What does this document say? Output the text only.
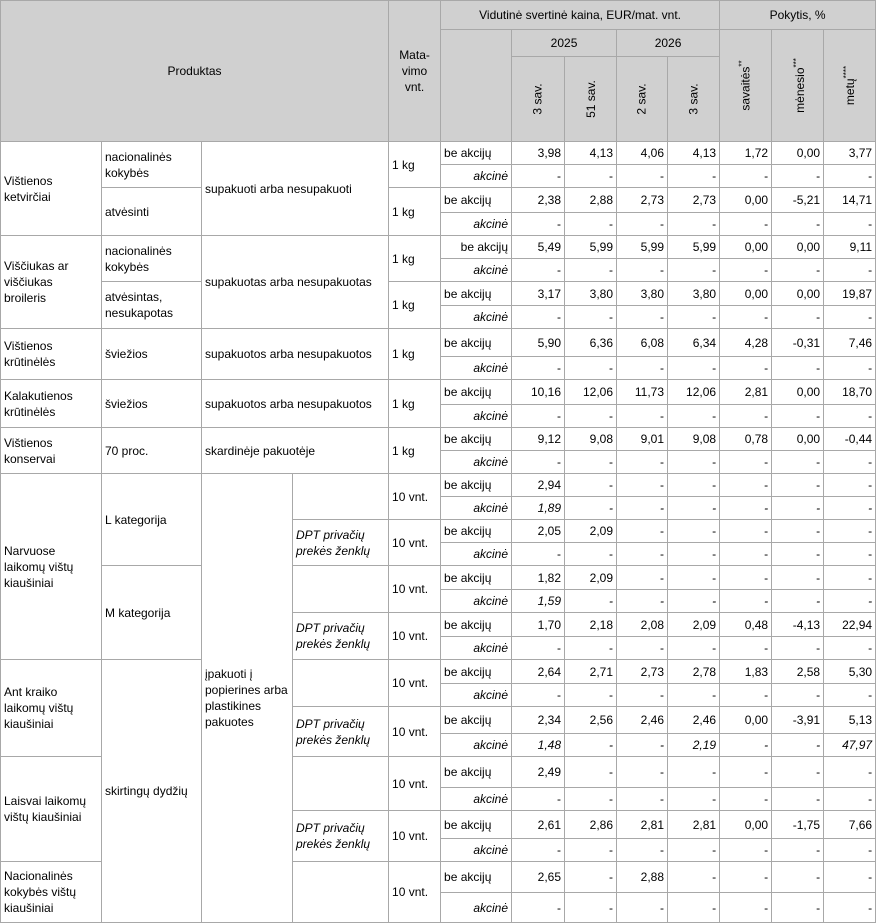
Produktas				Mata-vimo vnt.	Vidutinė svertinė kaina, EUR/mat. vnt.					Pokytis, %		
						2025		2026		savaitės**	mėnesio***	metų****
						3 sav.	51 sav.	2 sav.	3 sav.			
Vištienos ketvirčiai	nacionalinės kokybės	supakuoti arba nesupakuoti		1 kg	be akcijų	3,98	4,13	4,06	4,13	1,72	0,00	3,77
					akcinė	-	-	-	-	-	-	-
	atvėsinti			1 kg	be akcijų	2,38	2,88	2,73	2,73	0,00	-5,21	14,71
					akcinė	-	-	-	-	-	-	-
Viščiukas ar viščiukas broileris	nacionalinės kokybės	supakuotas arba nesupakuotas		1 kg	be akcijų	5,49	5,99	5,99	5,99	0,00	0,00	9,11
					akcinė	-	-	-	-	-	-	-
	atvėsintas, nesukapotas			1 kg	be akcijų	3,17	3,80	3,80	3,80	0,00	0,00	19,87
					akcinė	-	-	-	-	-	-	-
Vištienos krūtinėlės	šviežios	supakuotos arba nesupakuotos		1 kg	be akcijų	5,90	6,36	6,08	6,34	4,28	-0,31	7,46
					akcinė	-	-	-	-	-	-	-
Kalakutienos krūtinėlės	šviežios	supakuotos arba nesupakuotos		1 kg	be akcijų	10,16	12,06	11,73	12,06	2,81	0,00	18,70
					akcinė	-	-	-	-	-	-	-
Vištienos konservai	70 proc.	skardinėje pakuotėje		1 kg	be akcijų	9,12	9,08	9,01	9,08	0,78	0,00	-0,44
					akcinė	-	-	-	-	-	-	-
Narvuose laikomų vištų kiaušiniai	L kategorija	įpakuoti į popierines arba plastikines pakuotes		10 vnt.	be akcijų	2,94	-	-	-	-	-	-
					akcinė	1,89	-	-	-	-	-	-
			DPT privačių prekės ženklų	10 vnt.	be akcijų	2,05	2,09	-	-	-	-	-
					akcinė	-	-	-	-	-	-	-
	M kategorija			10 vnt.	be akcijų	1,82	2,09	-	-	-	-	-
					akcinė	1,59	-	-	-	-	-	-
			DPT privačių prekės ženklų	10 vnt.	be akcijų	1,70	2,18	2,08	2,09	0,48	-4,13	22,94
					akcinė	-	-	-	-	-	-	-
Ant kraiko laikomų vištų kiaušiniai	skirtingų dydžių			10 vnt.	be akcijų	2,64	2,71	2,73	2,78	1,83	2,58	5,30
					akcinė	-	-	-	-	-	-	-
			DPT privačių prekės ženklų	10 vnt.	be akcijų	2,34	2,56	2,46	2,46	0,00	-3,91	5,13
					akcinė	1,48	-	-	2,19	-	-	47,97
Laisvai laikomų vištų kiaušiniai				10 vnt.	be akcijų	2,49	-	-	-	-	-	-
					akcinė	-	-	-	-	-	-	-
			DPT privačių prekės ženklų	10 vnt.	be akcijų	2,61	2,86	2,81	2,81	0,00	-1,75	7,66
					akcinė	-	-	-	-	-	-	-
Nacionalinės kokybės vištų kiaušiniai				10 vnt.	be akcijų	2,65	-	2,88	-	-	-	-
					akcinė	-	-	-	-	-	-	-
